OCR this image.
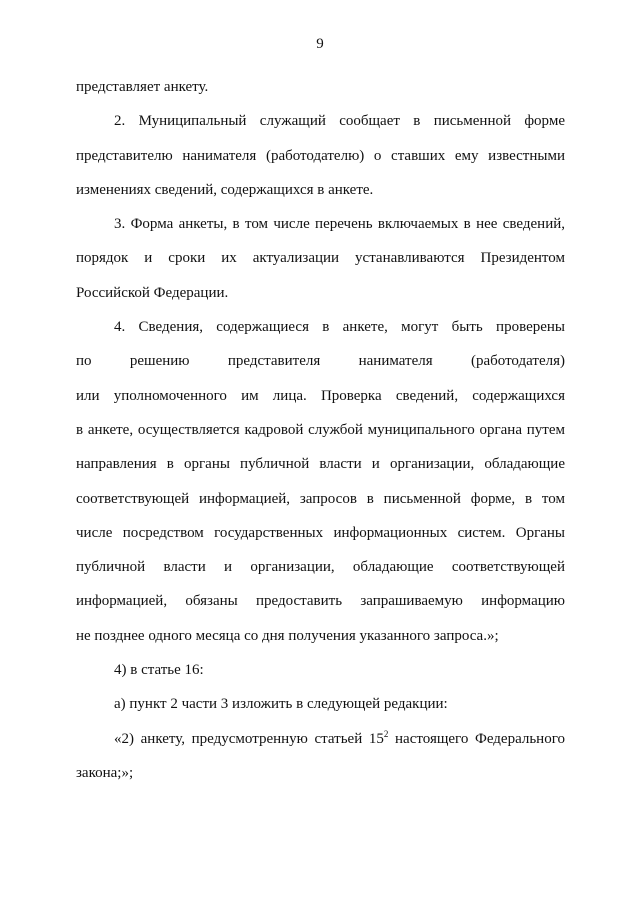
9

представляет анкету.

2. Муниципальный служащий сообщает в письменной форме
представителю нанимателя (работодателю) о ставших ему известными
изменениях сведений, содержащихся в анкете.

3. Форма анкеты, в том числе перечень включаемых в нее сведений,
порядок и сроки их актуализации устанавливаются Президентом
Российской Федерации.

4. Сведения, содержащиеся в анкете, могут быть проверены
по решению представителя нанимателя (работодателя)
или уполномоченного им лица. Проверка сведений, содержащихся
в анкете, осуществляется кадровой службой муниципального органа путем
направления в органы публичной власти и организации, обладающие
соответствующей информацией, запросов в письменной форме, в том
числе посредством государственных информационных систем. Органы
публичной власти и организации, обладающие соответствующей
информацией, обязаны предоставить запрашиваемую информацию
не позднее одного месяца со дня получения указанного запроса.»;

4) в статье 16:

а) пункт 2 части 3 изложить в следующей редакции:

«2) анкету, предусмотренную статьей $15^2$ настоящего Федерального
закона;»;
